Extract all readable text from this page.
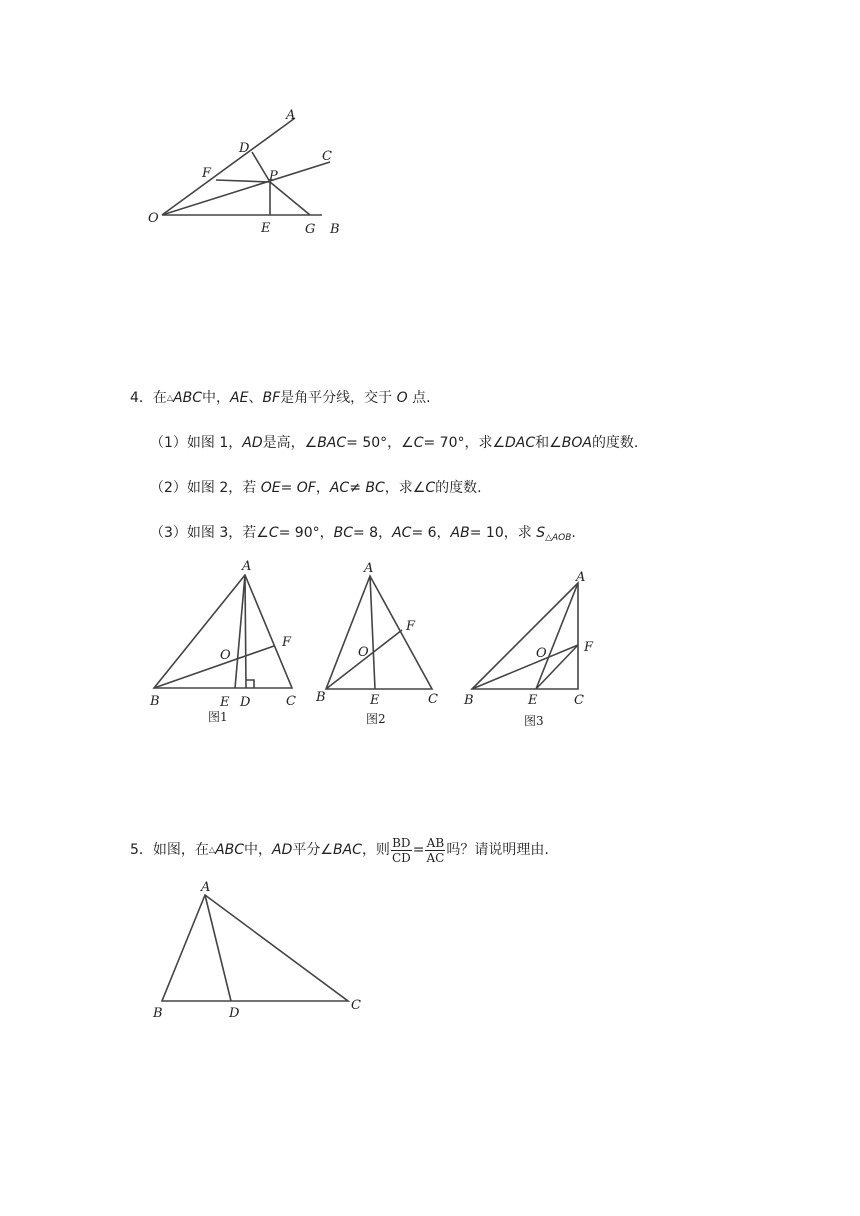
A
D
C
F	P
O
E	G B
4．在△ABC中，AE、BF是角平分线，交于 O 点.
（1）如图 1，AD是高，∠BAC= 50°，∠C= 70°，求∠DAC和∠BOA的度数.
（2）如图 2，若 OE= OF，AC≠ BC，求∠C的度数.
（3）如图 3，若∠C= 90°，BC= 8，AC= 6，AB= 10，求 $S_{\triangle AOB}$.
A
F
O
B	E D	C
图1
A
F
O
B	E	C
图2
A
F
O
B	E	C
图3
5．如图，在△ABC中，AD平分∠BAC，则 $\frac{BD}{CD} = \frac{AB}{AC}$ 吗？请说明理由.
A
B	D
C
